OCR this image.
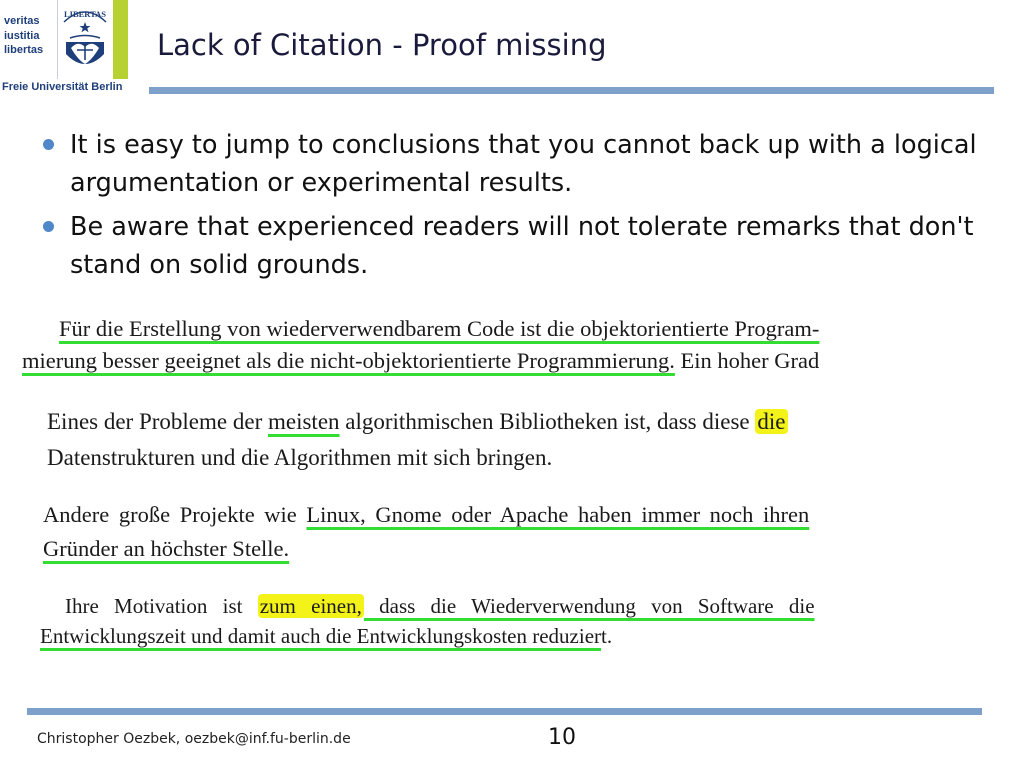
veritas
iustitia
libertas
LIBERTAS
Freie Universität Berlin
Lack of Citation - Proof missing
It is easy to jump to conclusions that you cannot back up with a logical argumentation or experimental results.
Be aware that experienced readers will not tolerate remarks that don't stand on solid grounds.
Für die Erstellung von wiederverwendbarem Code ist die objektorientierte Program-
mierung besser geeignet als die nicht-objektorientierte Programmierung. Ein hoher Grad
Eines der Probleme der meisten algorithmischen Bibliotheken ist, dass diese die
Datenstrukturen und die Algorithmen mit sich bringen.
Andere große Projekte wie Linux, Gnome oder Apache haben immer noch ihren
Gründer an höchster Stelle.
Ihre Motivation ist zum einen, dass die Wiederverwendung von Software die
Entwicklungszeit und damit auch die Entwicklungskosten reduziert.
Christopher Oezbek, oezbek@inf.fu-berlin.de	10
